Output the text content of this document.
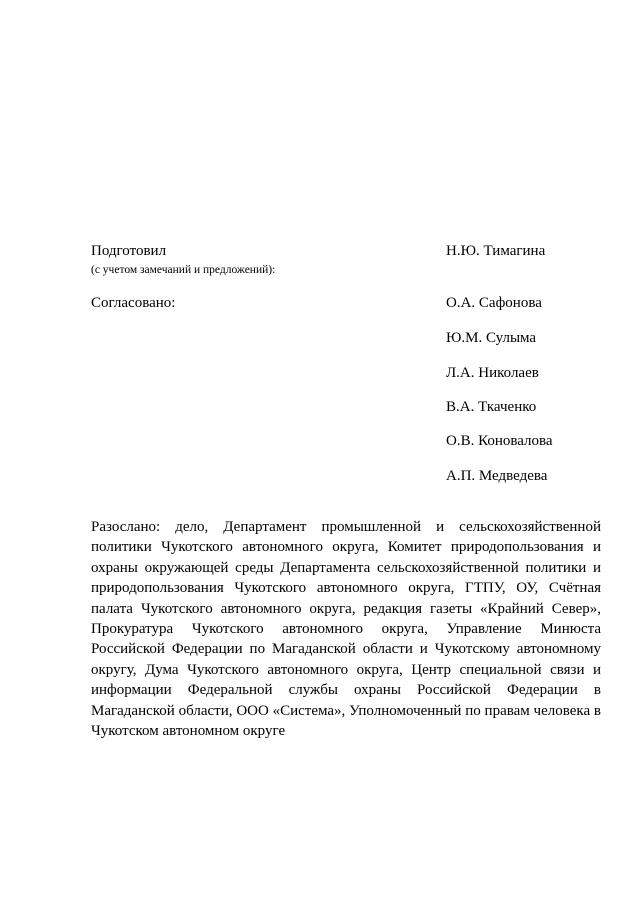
Подготовил
(с учетом замечаний и предложений):
Н.Ю. Тимагина
Согласовано:	О.А. Сафонова
Ю.М. Сулыма
Л.А. Николаев
В.А. Ткаченко
О.В. Коновалова
А.П. Медведева
Разослано: дело, Департамент промышленной и сельскохозяйственной политики Чукотского автономного округа, Комитет природопользования и охраны окружающей среды Департамента сельскохозяйственной политики и природопользования Чукотского автономного округа, ГТПУ, ОУ, Счётная палата Чукотского автономного округа, редакция газеты «Крайний Север», Прокуратура Чукотского автономного округа, Управление Минюста Российской Федерации по Магаданской области и Чукотскому автономному округу, Дума Чукотского автономного округа, Центр специальной связи и информации Федеральной службы охраны Российской Федерации в Магаданской области, ООО «Система», Уполномоченный по правам человека в Чукотском автономном округе
